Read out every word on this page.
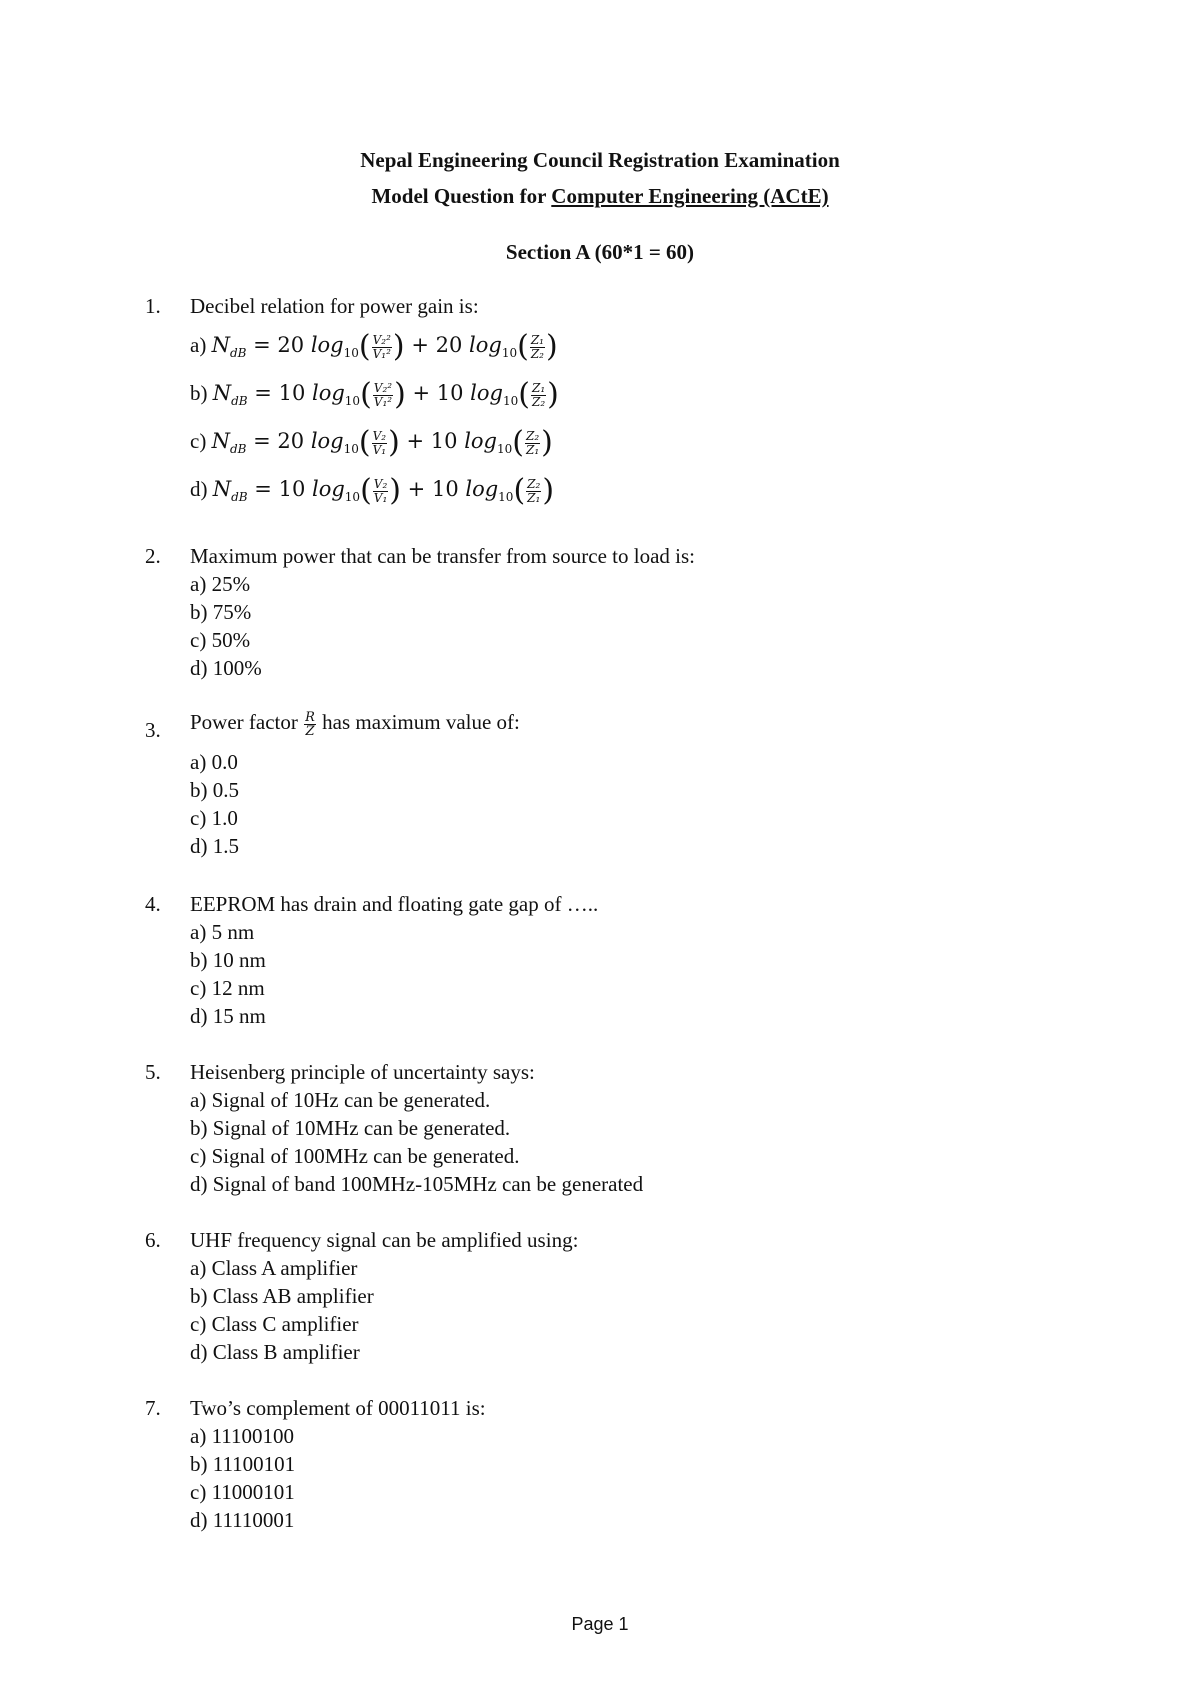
Nepal Engineering Council Registration Examination
Model Question for Computer Engineering (ACtE)
Section A (60*1 = 60)
1. Decibel relation for power gain is:
a) $N_{dB} = 20$ $\log_{10}( \frac{\text{V₂²}}{\text{V₁²}}$ ) + 20 $\log_{10}( \frac{\text{Z₁}}{\text{Z₂}}$ )
b) $N_{dB} = 10$ $\log_{10}( \frac{\text{V₂²}}{\text{V₁²}}$ ) + 10 $\log_{10}( \frac{\text{Z₁}}{\text{Z₂}}$ )
c) $N_{dB} = 20$ $\log_{10}( \frac{\text{V₂}}{\text{V₁}}$ ) + 10 $\log_{10}( \frac{\text{Z₂}}{\text{Z₁}}$ )
d) $N_{dB} = 10$ $\log_{10}( \frac{\text{V₂}}{\text{V₁}}$ ) + 10 $\log_{10}( \frac{\text{Z₂}}{\text{Z₁}}$ )
2. Maximum power that can be transfer from source to load is:
a) 25%
b) 75%
c) 50%
d) 100%
3. Power factor $\frac{R}{Z}$ has maximum value of:
a) 0.0
b) 0.5
c) 1.0
d) 1.5
4. EEPROM has drain and floating gate gap of …..
a) 5 nm
b) 10 nm
c) 12 nm
d) 15 nm
5. Heisenberg principle of uncertainty says:
a) Signal of 10Hz can be generated.
b) Signal of 10MHz can be generated.
c) Signal of 100MHz can be generated.
d) Signal of band 100MHz-105MHz can be generated
6. UHF frequency signal can be amplified using:
a) Class A amplifier
b) Class AB amplifier
c) Class C amplifier
d) Class B amplifier
7. Two’s complement of 00011011 is:
a) 11100100
b) 11100101
c) 11000101
d) 11110001
Page 1
